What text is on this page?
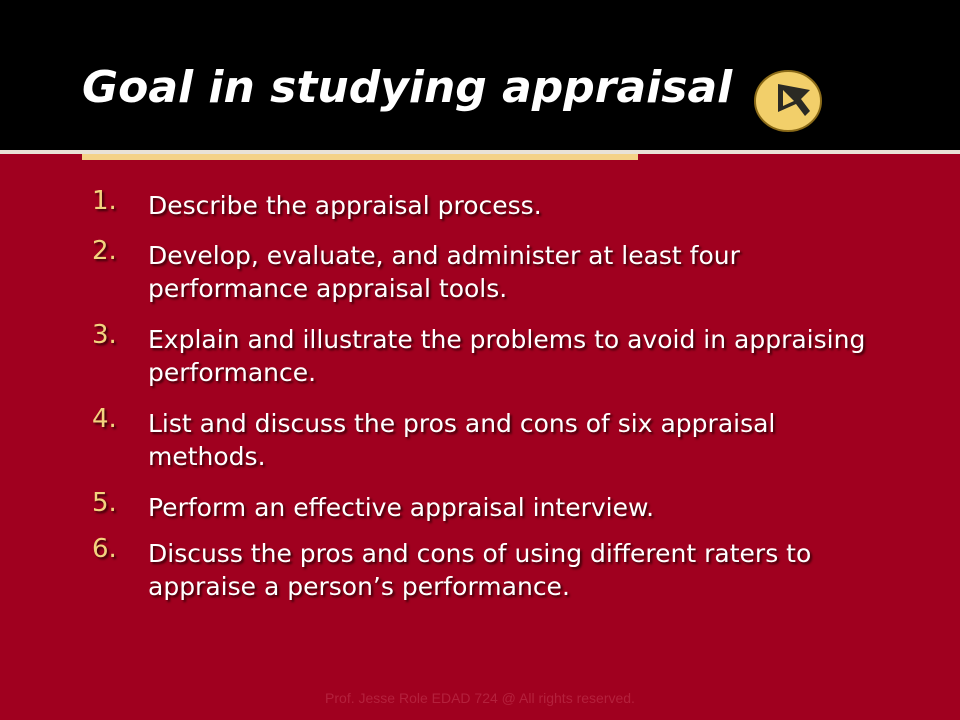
Goal in studying appraisal
1. Describe the appraisal process.
2. Develop, evaluate, and administer at least four performance appraisal tools.
3. Explain and illustrate the problems to avoid in appraising performance.
4. List and discuss the pros and cons of six appraisal methods.
5. Perform an effective appraisal interview.
6. Discuss the pros and cons of using different raters to appraise a person’s performance.
Prof. Jesse Role EDAD 724 @ All rights reserved.
